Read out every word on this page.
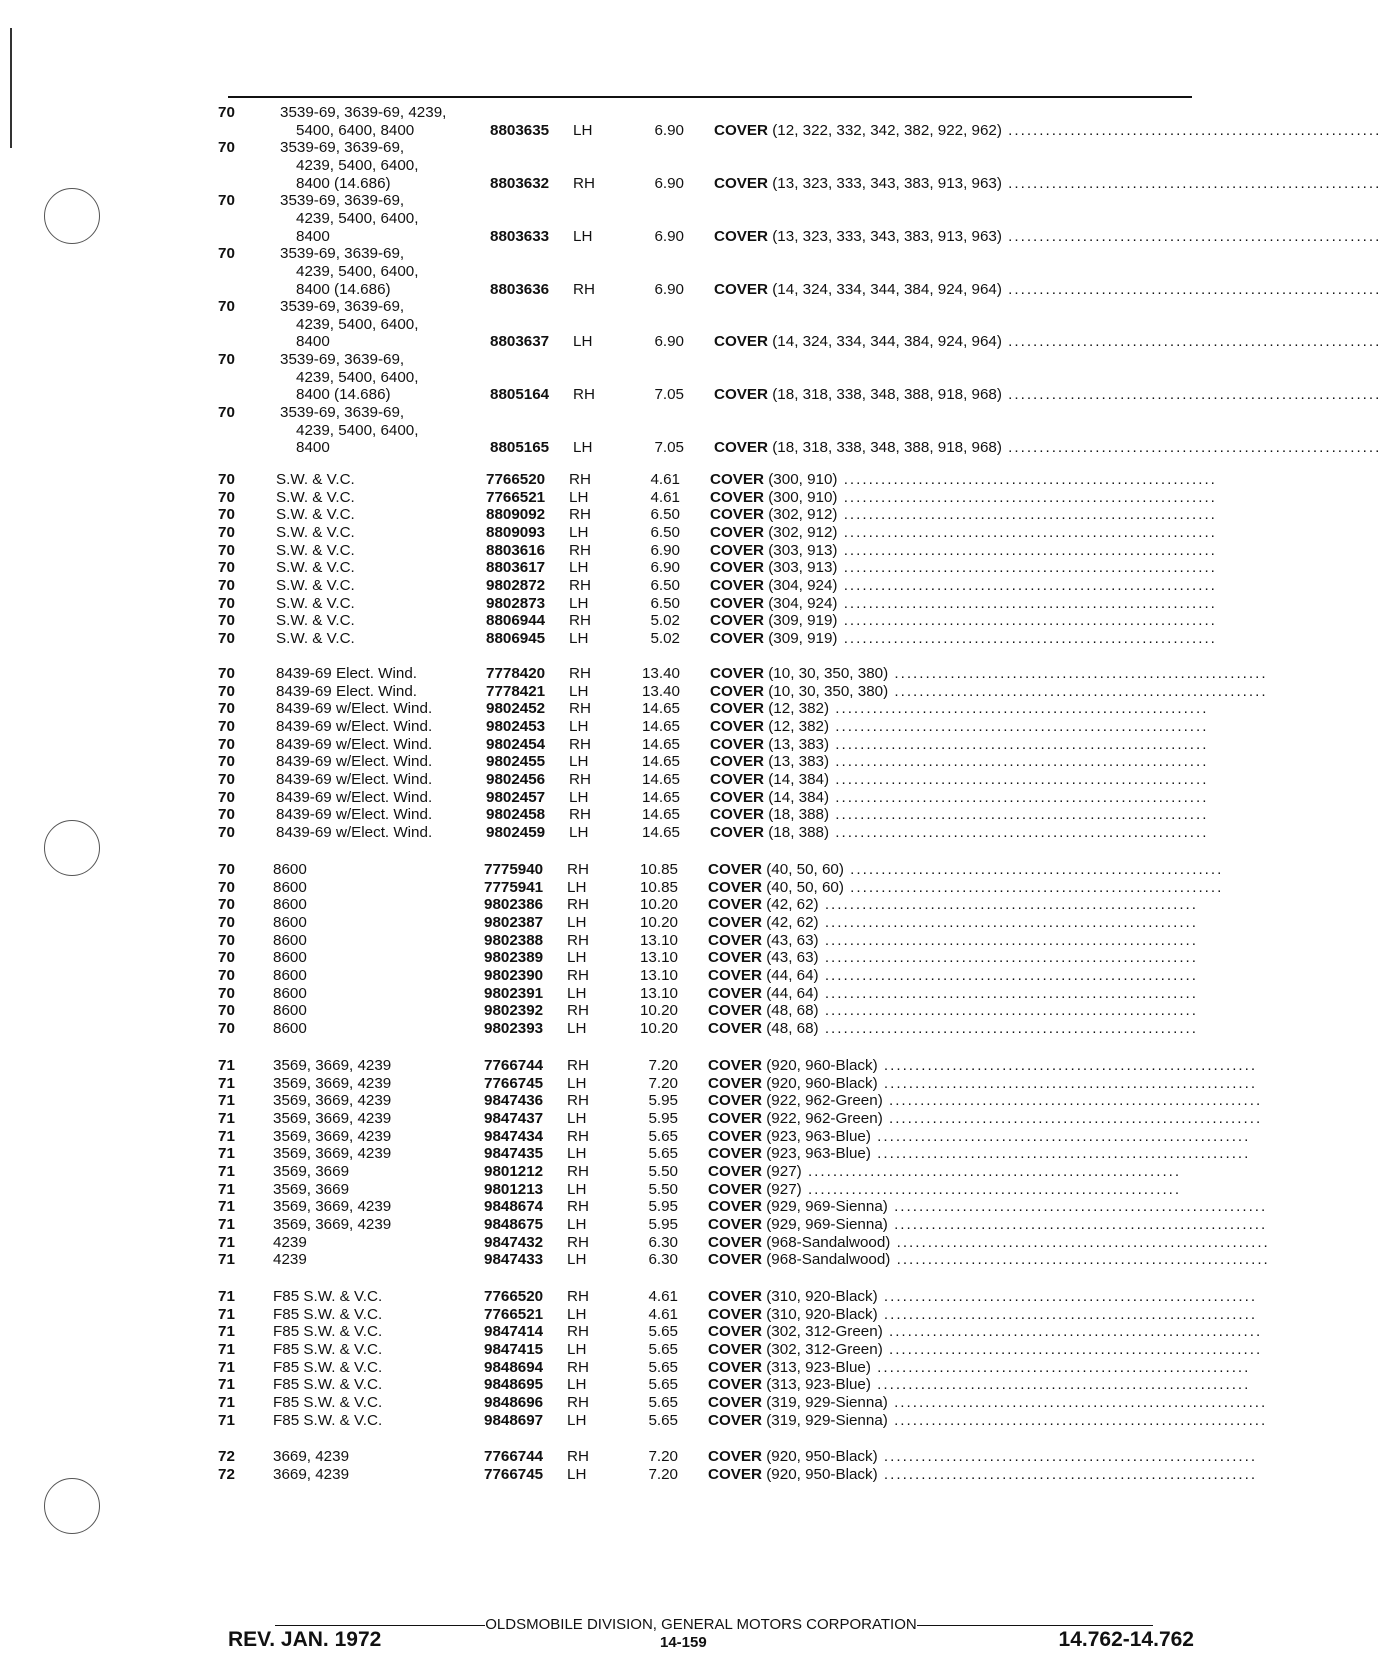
70	3539-69, 3639-69, 4239,
5400, 6400, 8400	8803635	LH	6.90 COVER (12, 322, 332, 342, 382, 922, 962) ............................................................
70	3539-69, 3639-69,
4239, 5400, 6400,
8400 (14.686)	8803632	RH	6.90 COVER (13, 323, 333, 343, 383, 913, 963) ............................................................
70	3539-69, 3639-69,
4239, 5400, 6400,
8400	8803633	LH	6.90 COVER (13, 323, 333, 343, 383, 913, 963) ............................................................
70	3539-69, 3639-69,
4239, 5400, 6400,
8400 (14.686)	8803636	RH	6.90 COVER (14, 324, 334, 344, 384, 924, 964) ............................................................
70	3539-69, 3639-69,
4239, 5400, 6400,
8400	8803637	LH	6.90 COVER (14, 324, 334, 344, 384, 924, 964) ............................................................
70	3539-69, 3639-69,
4239, 5400, 6400,
8400 (14.686)	8805164	RH	7.05 COVER (18, 318, 338, 348, 388, 918, 968) ............................................................
70	3539-69, 3639-69,
4239, 5400, 6400,
8400	8805165	LH	7.05 COVER (18, 318, 338, 348, 388, 918, 968) ............................................................
70	S.W. & V.C.	7766520	RH	4.61 COVER (300, 910) ............................................................
70	S.W. & V.C.	7766521	LH	4.61 COVER (300, 910) ............................................................
70	S.W. & V.C.	8809092	RH	6.50 COVER (302, 912) ............................................................
70	S.W. & V.C.	8809093	LH	6.50 COVER (302, 912) ............................................................
70	S.W. & V.C.	8803616	RH	6.90 COVER (303, 913) ............................................................
70	S.W. & V.C.	8803617	LH	6.90 COVER (303, 913) ............................................................
70	S.W. & V.C.	9802872	RH	6.50 COVER (304, 924) ............................................................
70	S.W. & V.C.	9802873	LH	6.50 COVER (304, 924) ............................................................
70	S.W. & V.C.	8806944	RH	5.02 COVER (309, 919) ............................................................
70	S.W. & V.C.	8806945	LH	5.02 COVER (309, 919) ............................................................
70	8439-69 Elect. Wind.	7778420	RH	13.40 COVER (10, 30, 350, 380) ............................................................
70	8439-69 Elect. Wind.	7778421	LH	13.40 COVER (10, 30, 350, 380) ............................................................
70	8439-69 w/Elect. Wind.	9802452	RH	14.65 COVER (12, 382) ............................................................
70	8439-69 w/Elect. Wind.	9802453	LH	14.65 COVER (12, 382) ............................................................
70	8439-69 w/Elect. Wind.	9802454	RH	14.65 COVER (13, 383) ............................................................
70	8439-69 w/Elect. Wind.	9802455	LH	14.65 COVER (13, 383) ............................................................
70	8439-69 w/Elect. Wind.	9802456	RH	14.65 COVER (14, 384) ............................................................
70	8439-69 w/Elect. Wind.	9802457	LH	14.65 COVER (14, 384) ............................................................
70	8439-69 w/Elect. Wind.	9802458	RH	14.65 COVER (18, 388) ............................................................
70	8439-69 w/Elect. Wind.	9802459	LH	14.65 COVER (18, 388) ............................................................
70	8600	7775940	RH	10.85 COVER (40, 50, 60) ............................................................
70	8600	7775941	LH	10.85 COVER (40, 50, 60) ............................................................
70	8600	9802386	RH	10.20 COVER (42, 62) ............................................................
70	8600	9802387	LH	10.20 COVER (42, 62) ............................................................
70	8600	9802388	RH	13.10 COVER (43, 63) ............................................................
70	8600	9802389	LH	13.10 COVER (43, 63) ............................................................
70	8600	9802390	RH	13.10 COVER (44, 64) ............................................................
70	8600	9802391	LH	13.10 COVER (44, 64) ............................................................
70	8600	9802392	RH	10.20 COVER (48, 68) ............................................................
70	8600	9802393	LH	10.20 COVER (48, 68) ............................................................
71	3569, 3669, 4239	7766744	RH	7.20 COVER (920, 960-Black) ............................................................
71	3569, 3669, 4239	7766745	LH	7.20 COVER (920, 960-Black) ............................................................
71	3569, 3669, 4239	9847436	RH	5.95 COVER (922, 962-Green) ............................................................
71	3569, 3669, 4239	9847437	LH	5.95 COVER (922, 962-Green) ............................................................
71	3569, 3669, 4239	9847434	RH	5.65 COVER (923, 963-Blue) ............................................................
71	3569, 3669, 4239	9847435	LH	5.65 COVER (923, 963-Blue) ............................................................
71	3569, 3669	9801212	RH	5.50 COVER (927) ............................................................
71	3569, 3669	9801213	LH	5.50 COVER (927) ............................................................
71	3569, 3669, 4239	9848674	RH	5.95 COVER (929, 969-Sienna) ............................................................
71	3569, 3669, 4239	9848675	LH	5.95 COVER (929, 969-Sienna) ............................................................
71	4239	9847432	RH	6.30 COVER (968-Sandalwood) ............................................................
71	4239	9847433	LH	6.30 COVER (968-Sandalwood) ............................................................
71	F85 S.W. & V.C.	7766520	RH	4.61 COVER (310, 920-Black) ............................................................
71	F85 S.W. & V.C.	7766521	LH	4.61 COVER (310, 920-Black) ............................................................
71	F85 S.W. & V.C.	9847414	RH	5.65 COVER (302, 312-Green) ............................................................
71	F85 S.W. & V.C.	9847415	LH	5.65 COVER (302, 312-Green) ............................................................
71	F85 S.W. & V.C.	9848694	RH	5.65 COVER (313, 923-Blue) ............................................................
71	F85 S.W. & V.C.	9848695	LH	5.65 COVER (313, 923-Blue) ............................................................
71	F85 S.W. & V.C.	9848696	RH	5.65 COVER (319, 929-Sienna) ............................................................
71	F85 S.W. & V.C.	9848697	LH	5.65 COVER (319, 929-Sienna) ............................................................
72	3669, 4239	7766744	RH	7.20 COVER (920, 950-Black) ............................................................
72	3669, 4239	7766745	LH	7.20 COVER (920, 950-Black) ............................................................
OLDSMOBILE DIVISION, GENERAL MOTORS CORPORATION
REV. JAN. 1972	14-159	14.762-14.762
